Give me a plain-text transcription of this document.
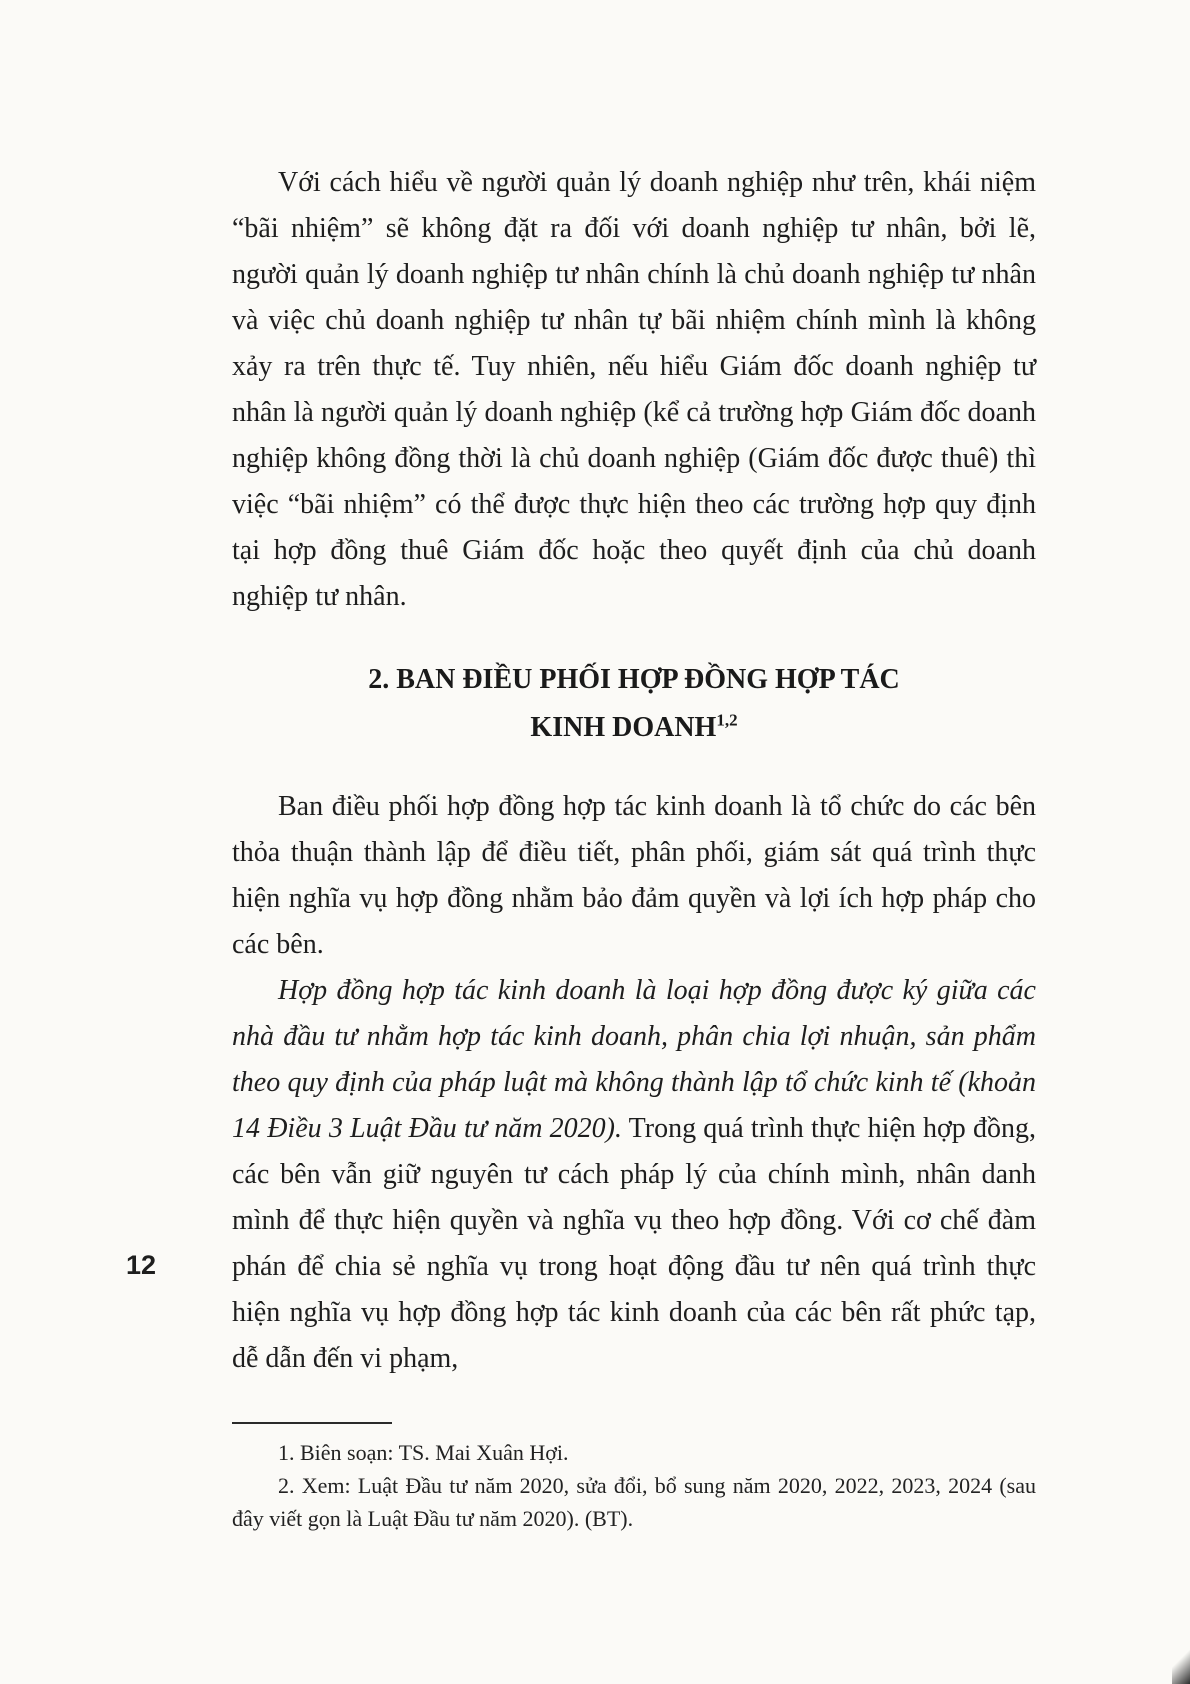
Với cách hiểu về người quản lý doanh nghiệp như trên, khái niệm “bãi nhiệm” sẽ không đặt ra đối với doanh nghiệp tư nhân, bởi lẽ, người quản lý doanh nghiệp tư nhân chính là chủ doanh nghiệp tư nhân và việc chủ doanh nghiệp tư nhân tự bãi nhiệm chính mình là không xảy ra trên thực tế. Tuy nhiên, nếu hiểu Giám đốc doanh nghiệp tư nhân là người quản lý doanh nghiệp (kể cả trường hợp Giám đốc doanh nghiệp không đồng thời là chủ doanh nghiệp (Giám đốc được thuê) thì việc “bãi nhiệm” có thể được thực hiện theo các trường hợp quy định tại hợp đồng thuê Giám đốc hoặc theo quyết định của chủ doanh nghiệp tư nhân.

2. BAN ĐIỀU PHỐI HỢP ĐỒNG HỢP TÁC
KINH DOANH$^{1,2}$

Ban điều phối hợp đồng hợp tác kinh doanh là tổ chức do các bên thỏa thuận thành lập để điều tiết, phân phối, giám sát quá trình thực hiện nghĩa vụ hợp đồng nhằm bảo đảm quyền và lợi ích hợp pháp cho các bên.

Hợp đồng hợp tác kinh doanh là loại hợp đồng được ký giữa các nhà đầu tư nhằm hợp tác kinh doanh, phân chia lợi nhuận, sản phẩm theo quy định của pháp luật mà không thành lập tổ chức kinh tế (khoản 14 Điều 3 Luật Đầu tư năm 2020). Trong quá trình thực hiện hợp đồng, các bên vẫn giữ nguyên tư cách pháp lý của chính mình, nhân danh mình để thực hiện quyền và nghĩa vụ theo hợp đồng. Với cơ chế đàm phán để chia sẻ nghĩa vụ trong hoạt động đầu tư nên quá trình thực hiện nghĩa vụ hợp đồng hợp tác kinh doanh của các bên rất phức tạp, dễ dẫn đến vi phạm,

12

1. Biên soạn: TS. Mai Xuân Hợi.

2. Xem: Luật Đầu tư năm 2020, sửa đổi, bổ sung năm 2020, 2022, 2023, 2024 (sau đây viết gọn là Luật Đầu tư năm 2020). (BT).
